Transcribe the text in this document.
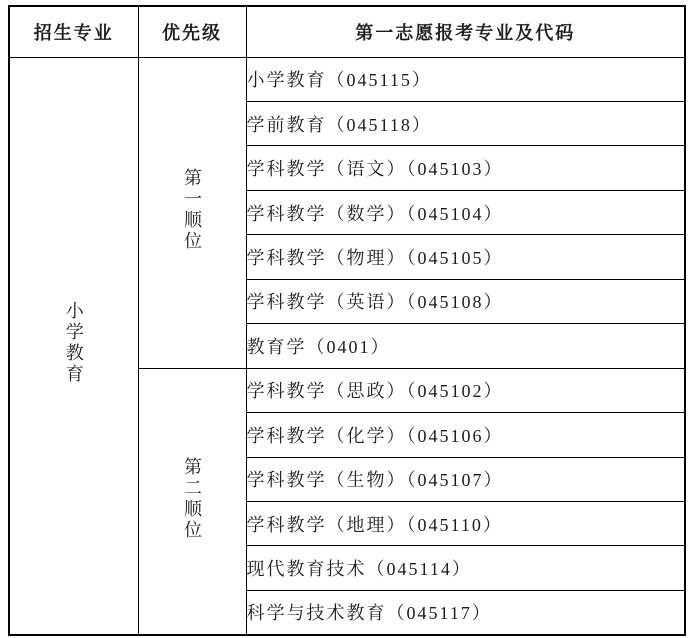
招生专业	优先级	第一志愿报考专业及代码
小学教育	第一顺位	小学教育（045115）
		学前教育（045118）
		学科教学（语文）（045103）
		学科教学（数学）（045104）
		学科教学（物理）（045105）
		学科教学（英语）（045108）
		教育学（0401）
	第二顺位	学科教学（思政）（045102）
		学科教学（化学）（045106）
		学科教学（生物）（045107）
		学科教学（地理）（045110）
		现代教育技术（045114）
		科学与技术教育（045117）
